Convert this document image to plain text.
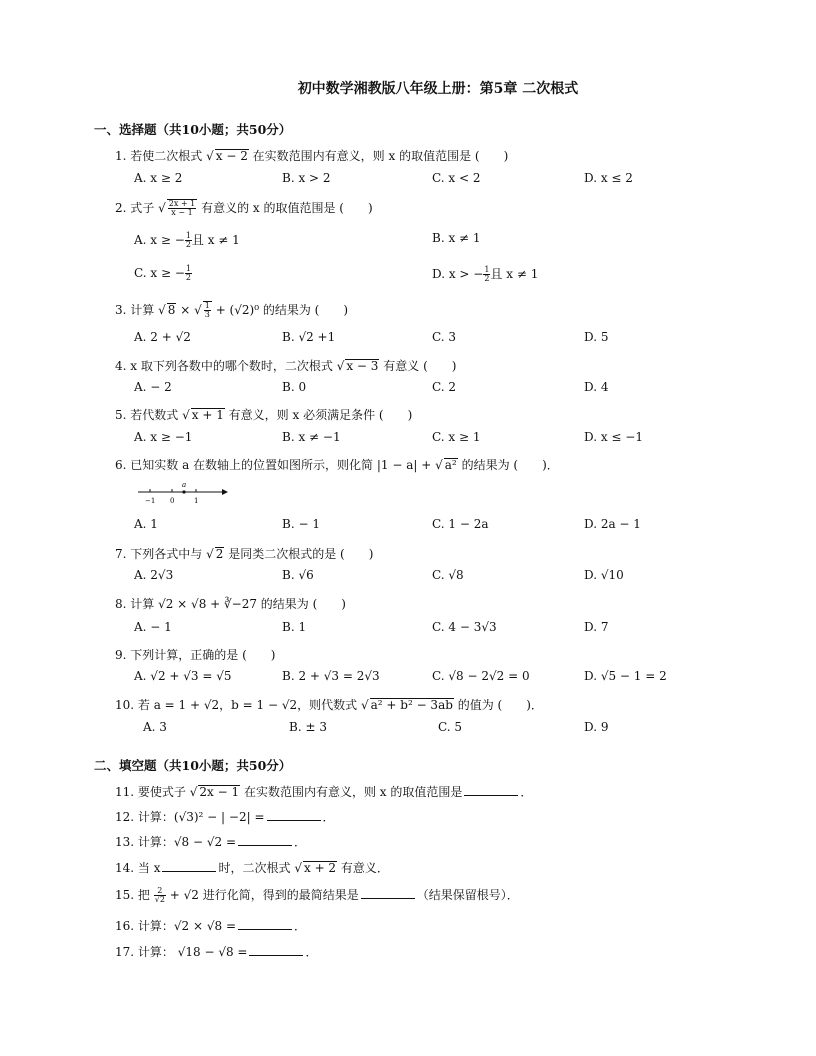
初中数学湘教版八年级上册：第5章 二次根式
一、选择题（共10小题；共50分）
1. 若使二次根式 √ x − 2 在实数范围内有意义，则 x 的取值范围是 (　　)
A. x ≥ 2	B. x > 2	C. x < 2	D. x ≤ 2
2. 式子 √ $\frac{2x + 1}{x - 1}$ 有意义的 x 的取值范围是 (　　)
A. x ≥ − $\frac{1}{2}$ 且 x ≠ 1	B. x ≠ 1
C. x ≥ − $\frac{1}{2}$	D. x > − $\frac{1}{2}$ 且 x ≠ 1
3. 计算 √ 8 × √ $\frac{1}{3} + (√2)^0$ 的结果为 (　　)
A. 2 + √2	B. √2 +1	C. 3	D. 5
4. x 取下列各数中的哪个数时，二次根式 √ x − 3 有意义 (　　)
A. − 2	B. 0	C. 2	D. 4
5. 若代数式 √ x + 1 有意义，则 x 必须满足条件 (　　)
A. x ≥ −1	B. x ≠ −1	C. x ≥ 1	D. x ≤ −1
6. 已知实数 a 在数轴上的位置如图所示，则化简 |1 − a| + √ a² 的结果为 (　　)．
a
−1 0	1
A. 1	B. − 1	C. 1 − 2a	D. 2a − 1
7. 下列各式中与 √ 2 是同类二次根式的是 (　　)
A. 2√3	B. √6	C. √8	D. √10
8. 计算 √2 × √8 + ∛−27 的结果为 (　　)
A. − 1	B. 1	C. 4 − 3√3	D. 7
9. 下列计算，正确的是 (　　)
A. √2 + √3 = √5	B. 2 + √3 = 2√3	C. √8 − 2√2 = 0	D. √5 − 1 = 2
10. 若 a = 1 + √2，b = 1 − √2，则代数式 √ a² + b² − 3ab 的值为 (　　)．
A. 3	B. ± 3	C. 5	D. 9
二、填空题（共10小题；共50分）
11. 要使式子 √ 2x − 1 在实数范围内有意义，则 x 的取值范围是	．
12. 计算：(√3)² − | −2| =	．
13. 计算：√8 − √2 =	．
14. 当 x	时，二次根式 √ x + 2 有意义．
15. 把 $\frac{2}{√2} + √2$ 进行化简，得到的最简结果是	（结果保留根号）．
16. 计算：√2 × √8 =	．
17. 计算： √18 − √8 =	．
